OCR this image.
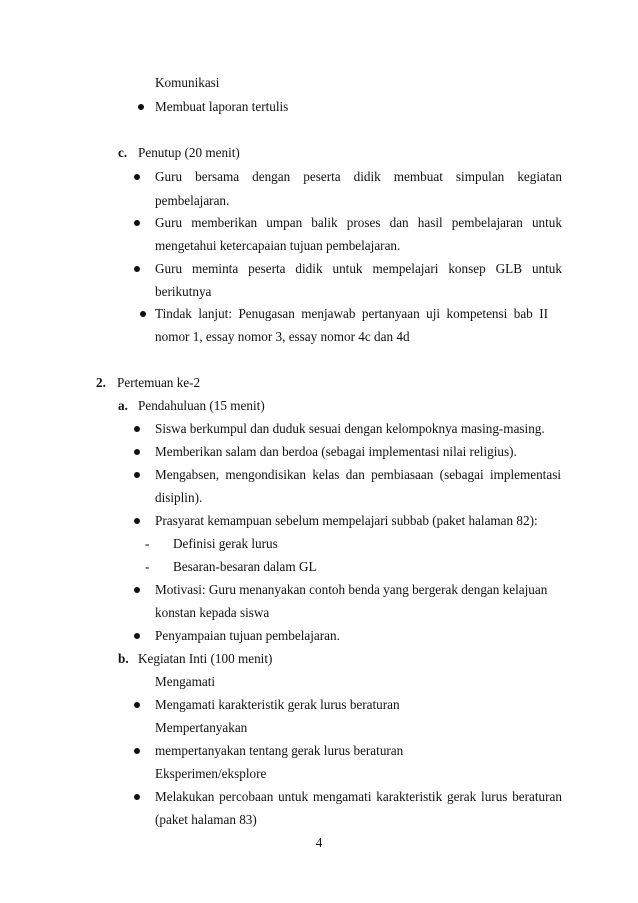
Komunikasi
Membuat laporan tertulis
c. Penutup (20 menit)
Guru bersama dengan peserta didik membuat simpulan kegiatan
pembelajaran.
Guru memberikan umpan balik proses dan hasil pembelajaran untuk
mengetahui ketercapaian tujuan pembelajaran.
Guru meminta peserta didik untuk mempelajari konsep GLB untuk
berikutnya
Tindak lanjut: Penugasan menjawab pertanyaan uji kompetensi bab II
nomor 1, essay nomor 3, essay nomor 4c dan 4d
2. Pertemuan ke-2
a. Pendahuluan (15 menit)
Siswa berkumpul dan duduk sesuai dengan kelompoknya masing-masing.
Memberikan salam dan berdoa (sebagai implementasi nilai religius).
Mengabsen, mengondisikan kelas dan pembiasaan (sebagai implementasi
disiplin).
Prasyarat kemampuan sebelum mempelajari subbab (paket halaman 82):
- Definisi gerak lurus
- Besaran-besaran dalam GL
Motivasi: Guru menanyakan contoh benda yang bergerak dengan kelajuan
konstan kepada siswa
Penyampaian tujuan pembelajaran.
b. Kegiatan Inti (100 menit)
Mengamati
Mengamati karakteristik gerak lurus beraturan
Mempertanyakan
mempertanyakan tentang gerak lurus beraturan
Eksperimen/eksplore
Melakukan percobaan untuk mengamati karakteristik gerak lurus beraturan
(paket halaman 83)
4
